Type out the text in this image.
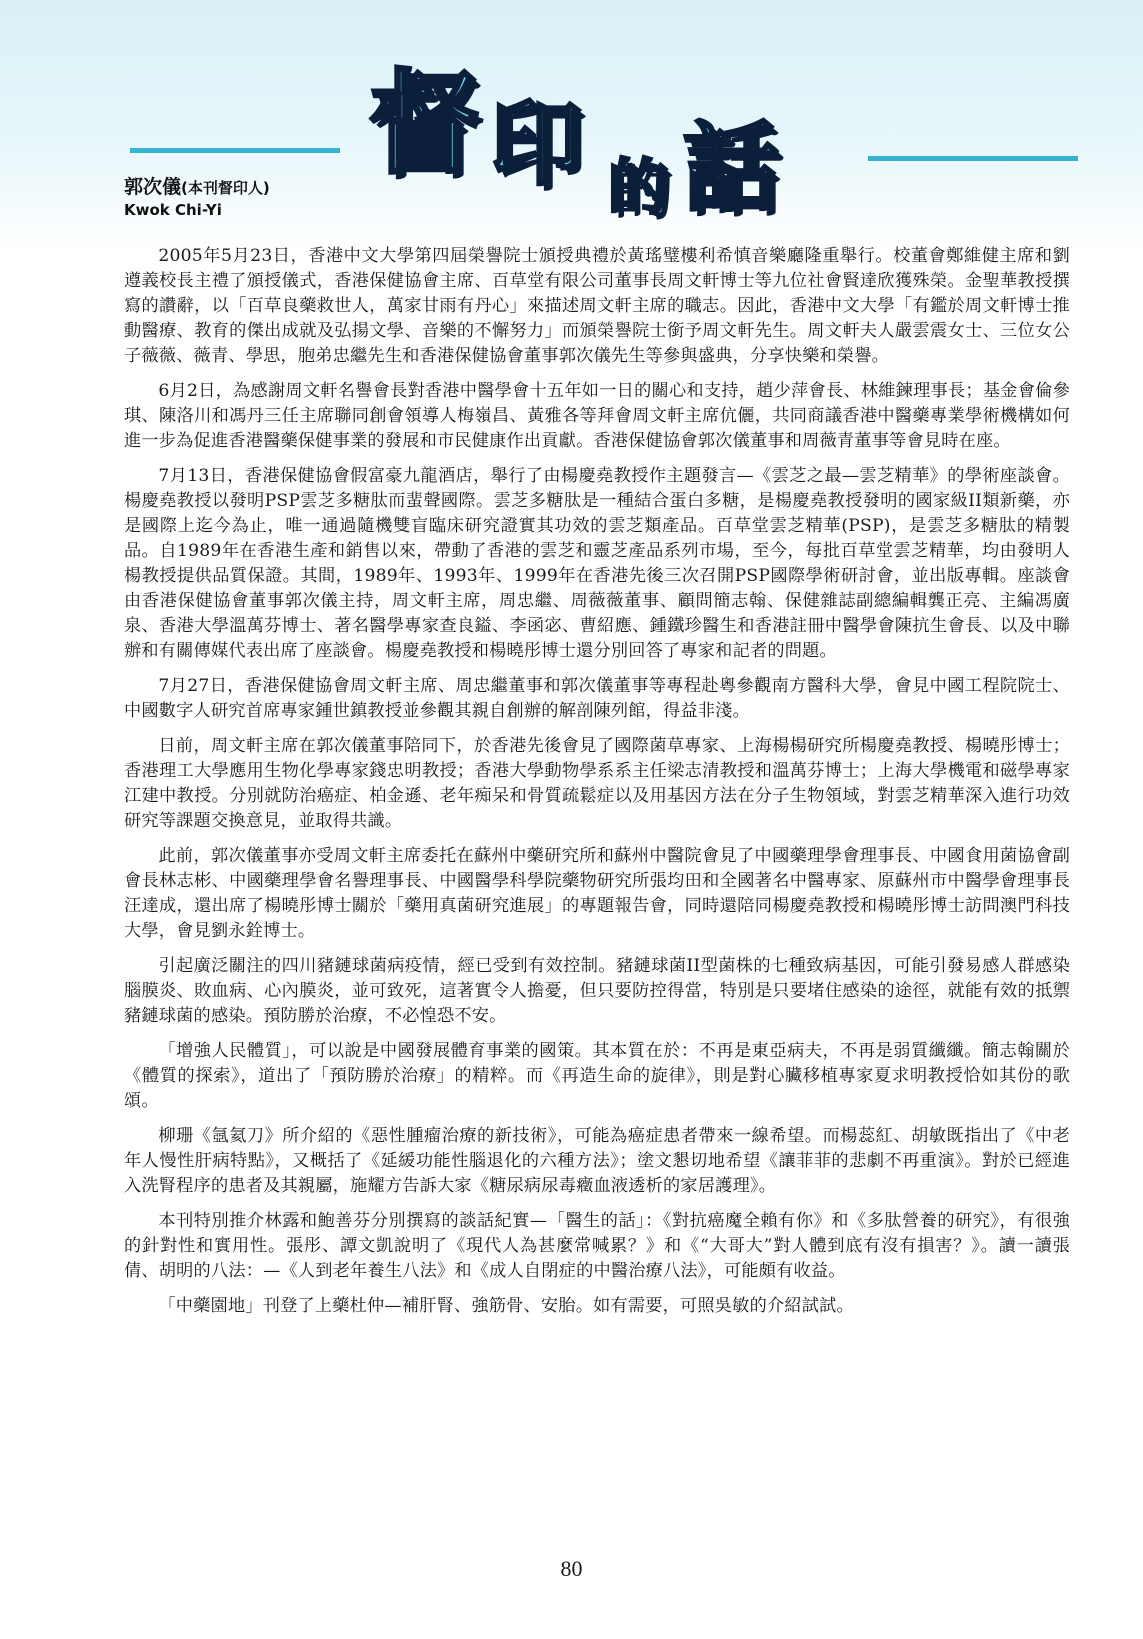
督 印 的 話
郭次儀(本刊督印人)
Kwok Chi-Yi

2005年5月23日，香港中文大學第四屆榮譽院士頒授典禮於黃瑤璧樓利希慎音樂廳隆重舉行。校董會鄭維健主席和劉遵義校長主禮了頒授儀式，香港保健協會主席、百草堂有限公司董事長周文軒博士等九位社會賢達欣獲殊榮。金聖華教授撰寫的讚辭，以「百草良藥救世人，萬家甘雨有丹心」來描述周文軒主席的職志。因此，香港中文大學「有鑑於周文軒博士推動醫療、教育的傑出成就及弘揚文學、音樂的不懈努力」而頒榮譽院士銜予周文軒先生。周文軒夫人嚴雲震女士、三位女公子薇薇、薇青、學思，胞弟忠繼先生和香港保健協會董事郭次儀先生等參與盛典，分享快樂和榮譽。

6月2日，為感謝周文軒名譽會長對香港中醫學會十五年如一日的關心和支持，趙少萍會長、林維鍊理事長；基金會倫參琪、陳洛川和馮丹三任主席聯同創會領導人梅嶺昌、黃雅各等拜會周文軒主席伉儷，共同商議香港中醫藥專業學術機構如何進一步為促進香港醫藥保健事業的發展和市民健康作出貢獻。香港保健協會郭次儀董事和周薇青董事等會見時在座。

7月13日，香港保健協會假富豪九龍酒店，舉行了由楊慶堯教授作主題發言—《雲芝之最—雲芝精華》的學術座談會。楊慶堯教授以發明PSP雲芝多糖肽而蜚聲國際。雲芝多糖肽是一種結合蛋白多糖，是楊慶堯教授發明的國家級II類新藥，亦是國際上迄今為止，唯一通過隨機雙盲臨床研究證實其功效的雲芝類產品。百草堂雲芝精華(PSP)，是雲芝多糖肽的精製品。自1989年在香港生產和銷售以來，帶動了香港的雲芝和靈芝產品系列市場，至今，每批百草堂雲芝精華，均由發明人楊教授提供品質保證。其間，1989年、1993年、1999年在香港先後三次召開PSP國際學術研討會，並出版專輯。座談會由香港保健協會董事郭次儀主持，周文軒主席，周忠繼、周薇薇董事、顧問簡志翰、保健雜誌副總編輯龔正亮、主編馮廣泉、香港大學溫萬芬博士、著名醫學專家查良鎰、李函宓、曹紹應、鍾鐵珍醫生和香港註冊中醫學會陳抗生會長、以及中聯辦和有關傳媒代表出席了座談會。楊慶堯教授和楊曉彤博士還分別回答了專家和記者的問題。

7月27日，香港保健協會周文軒主席、周忠繼董事和郭次儀董事等專程赴粵參觀南方醫科大學，會見中國工程院院士、中國數字人研究首席專家鍾世鎮教授並參觀其親自創辦的解剖陳列館，得益非淺。

日前，周文軒主席在郭次儀董事陪同下，於香港先後會見了國際菌草專家、上海楊楊研究所楊慶堯教授、楊曉彤博士；香港理工大學應用生物化學專家錢忠明教授；香港大學動物學系系主任梁志清教授和溫萬芬博士；上海大學機電和磁學專家江建中教授。分別就防治癌症、柏金遜、老年痴呆和骨質疏鬆症以及用基因方法在分子生物領域，對雲芝精華深入進行功效研究等課題交換意見，並取得共識。

此前，郭次儀董事亦受周文軒主席委托在蘇州中藥研究所和蘇州中醫院會見了中國藥理學會理事長、中國食用菌協會副會長林志彬、中國藥理學會名譽理事長、中國醫學科學院藥物研究所張均田和全國著名中醫專家、原蘇州市中醫學會理事長汪達成，還出席了楊曉彤博士關於「藥用真菌研究進展」的專題報告會，同時還陪同楊慶堯教授和楊曉彤博士訪問澳門科技大學，會見劉永銓博士。

引起廣泛關注的四川豬鏈球菌病疫情，經已受到有效控制。豬鏈球菌II型菌株的七種致病基因，可能引發易感人群感染腦膜炎、敗血病、心內膜炎，並可致死，這著實令人擔憂，但只要防控得當，特別是只要堵住感染的途徑，就能有效的抵禦豬鏈球菌的感染。預防勝於治療，不必惶恐不安。

「增強人民體質」，可以說是中國發展體育事業的國策。其本質在於：不再是東亞病夫，不再是弱質纖纖。簡志翰關於《體質的探索》，道出了「預防勝於治療」的精粹。而《再造生命的旋律》，則是對心臟移植專家夏求明教授恰如其份的歌頌。

柳珊《氬氦刀》所介紹的《惡性腫瘤治療的新技術》，可能為癌症患者帶來一線希望。而楊蕊紅、胡敏既指出了《中老年人慢性肝病特點》，又概括了《延緩功能性腦退化的六種方法》；塗文懇切地希望《讓菲菲的悲劇不再重演》。對於已經進入洗腎程序的患者及其親屬，施耀方告訴大家《糖尿病尿毒癥血液透析的家居護理》。

本刊特別推介林露和鮑善芬分別撰寫的談話紀實—「醫生的話」：《對抗癌魔全賴有你》和《多肽營養的研究》，有很強的針對性和實用性。張彤、譚文凱說明了《現代人為甚麼常喊累？》和《“大哥大”對人體到底有沒有損害？》。讀一讀張倩、胡明的八法：—《人到老年養生八法》和《成人自閉症的中醫治療八法》，可能頗有收益。

「中藥園地」刊登了上藥杜仲—補肝腎、強筋骨、安胎。如有需要，可照吳敏的介紹試試。

80
